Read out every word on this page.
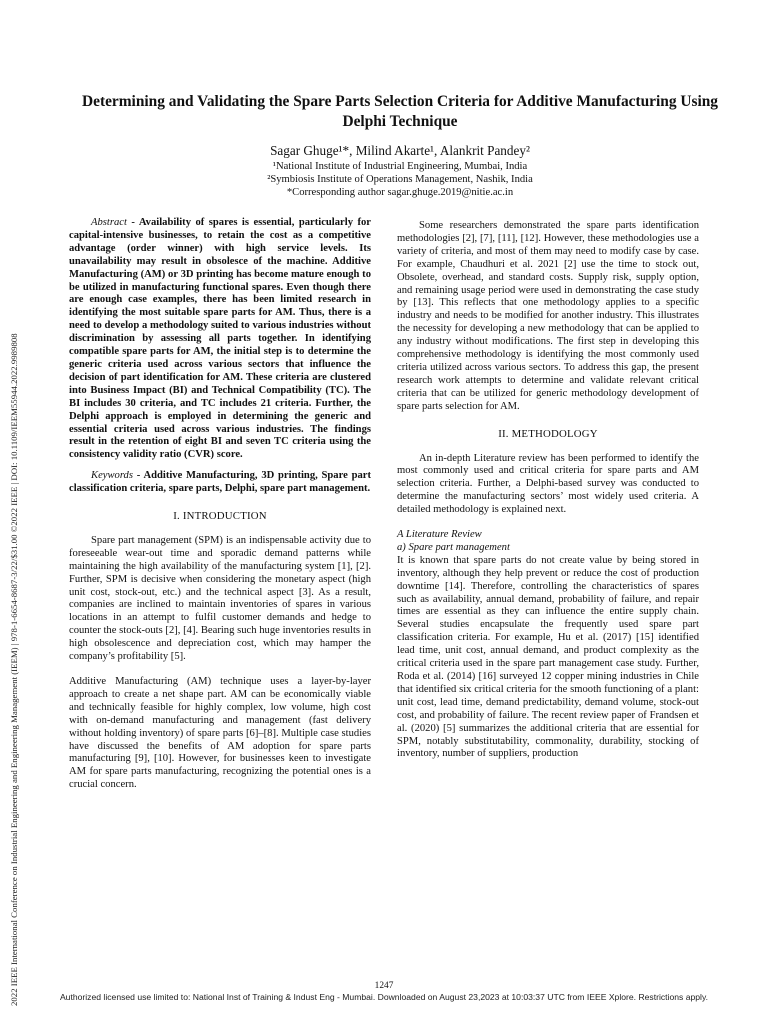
2022 IEEE International Conference on Industrial Engineering and Engineering Management (IEEM) | 978-1-6654-8687-3/22/$31.00 ©2022 IEEE | DOI: 10.1109/IEEM55944.2022.9989808
Determining and Validating the Spare Parts Selection Criteria for Additive Manufacturing Using Delphi Technique
Sagar Ghuge¹*, Milind Akarte¹, Alankrit Pandey²
¹National Institute of Industrial Engineering, Mumbai, India
²Symbiosis Institute of Operations Management, Nashik, India
*Corresponding author sagar.ghuge.2019@nitie.ac.in

Abstract - Availability of spares is essential, particularly for capital-intensive businesses, to retain the cost as a competitive advantage (order winner) with high service levels. Its unavailability may result in obsolesce of the machine. Additive Manufacturing (AM) or 3D printing has become mature enough to be utilized in manufacturing functional spares. Even though there are enough case examples, there has been limited research in identifying the most suitable spare parts for AM. Thus, there is a need to develop a methodology suited to various industries without discrimination by assessing all parts together. In identifying compatible spare parts for AM, the initial step is to determine the generic criteria used across various sectors that influence the decision of part identification for AM. These criteria are clustered into Business Impact (BI) and Technical Compatibility (TC). The BI includes 30 criteria, and TC includes 21 criteria. Further, the Delphi approach is employed in determining the generic and essential criteria used across various industries. The findings result in the retention of eight BI and seven TC criteria using the consistency validity ratio (CVR) score.

Keywords - Additive Manufacturing, 3D printing, Spare part classification criteria, spare parts, Delphi, spare part management.

I. INTRODUCTION

Spare part management (SPM) is an indispensable activity due to foreseeable wear-out time and sporadic demand patterns while maintaining the high availability of the manufacturing system [1], [2]. Further, SPM is decisive when considering the monetary aspect (high unit cost, stock-out, etc.) and the technical aspect [3]. As a result, companies are inclined to maintain inventories of spares in various locations in an attempt to fulfil customer demands and hedge to counter the stock-outs [2], [4]. Bearing such huge inventories results in high obsolescence and depreciation cost, which may hamper the company’s profitability [5].

Additive Manufacturing (AM) technique uses a layer-by-layer approach to create a net shape part. AM can be economically viable and technically feasible for highly complex, low volume, high cost with on-demand manufacturing and management (fast delivery without holding inventory) of spare parts [6]–[8]. Multiple case studies have discussed the benefits of AM adoption for spare parts manufacturing [9], [10]. However, for businesses keen to investigate AM for spare parts manufacturing, recognizing the potential ones is a crucial concern.

Some researchers demonstrated the spare parts identification methodologies [2], [7], [11], [12]. However, these methodologies use a variety of criteria, and most of them may need to modify case by case. For example, Chaudhuri et al. 2021 [2] use the time to stock out, Obsolete, overhead, and standard costs. Supply risk, supply option, and remaining usage period were used in demonstrating the case study by [13]. This reflects that one methodology applies to a specific industry and needs to be modified for another industry. This illustrates the necessity for developing a new methodology that can be applied to any industry without modifications. The first step in developing this comprehensive methodology is identifying the most commonly used criteria utilized across various sectors. To address this gap, the present research work attempts to determine and validate relevant critical criteria that can be utilized for generic methodology development of spare parts selection for AM.

II. METHODOLOGY

An in-depth Literature review has been performed to identify the most commonly used and critical criteria for spare parts and AM selection criteria. Further, a Delphi-based survey was conducted to determine the manufacturing sectors’ most widely used criteria. A detailed methodology is explained next.

A Literature Review

a) Spare part management

It is known that spare parts do not create value by being stored in inventory, although they help prevent or reduce the cost of production downtime [14]. Therefore, controlling the characteristics of spares such as availability, annual demand, probability of failure, and repair times are essential as they can influence the entire supply chain. Several studies encapsulate the frequently used spare part classification criteria. For example, Hu et al. (2017) [15] identified lead time, unit cost, annual demand, and product complexity as the critical criteria used in the spare part management case study. Further, Roda et al. (2014) [16] surveyed 12 copper mining industries in Chile that identified six critical criteria for the smooth functioning of a plant: unit cost, lead time, demand predictability, demand volume, stock-out cost, and probability of failure. The recent review paper of Frandsen et al. (2020) [5] summarizes the additional criteria that are essential for SPM, notably substitutability, commonality, durability, stocking of inventory, number of suppliers, production

1247
Authorized licensed use limited to: National Inst of Training & Indust Eng - Mumbai. Downloaded on August 23,2023 at 10:03:37 UTC from IEEE Xplore. Restrictions apply.
